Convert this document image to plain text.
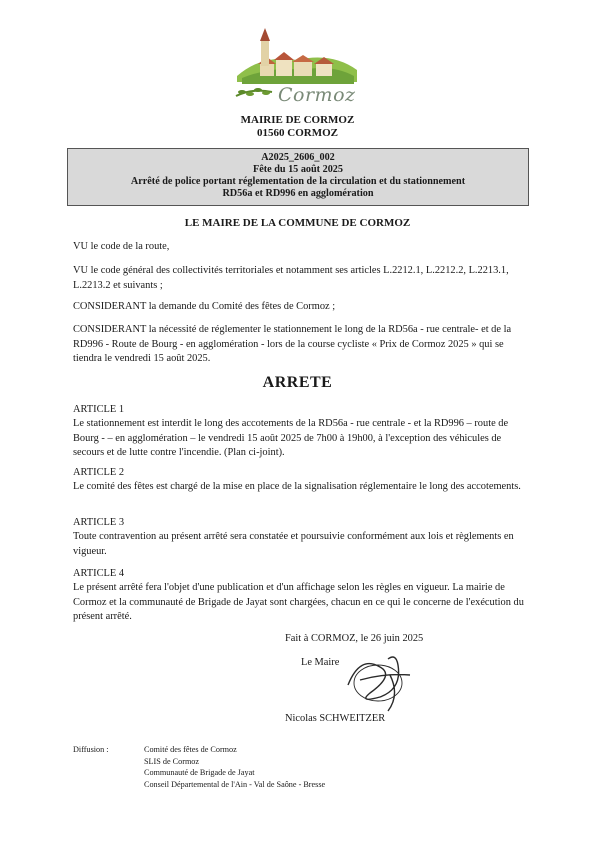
Cormoz
MAIRIE DE CORMOZ
01560 CORMOZ
A2025_2606_002
Fête du 15 août 2025
Arrêté de police portant réglementation de la circulation et du stationnement
RD56a et RD996 en agglomération
LE MAIRE DE LA COMMUNE DE CORMOZ
VU le code de la route,
VU le code général des collectivités territoriales et notamment ses articles L.2212.1, L.2212.2, L.2213.1, L.2213.2 et suivants ;
CONSIDERANT la demande du Comité des fêtes de Cormoz ;
CONSIDERANT la nécessité de réglementer le stationnement le long de la RD56a - rue centrale- et de la RD996 - Route de Bourg - en agglomération - lors de la course cycliste « Prix de Cormoz 2025 » qui se tiendra le vendredi 15 août 2025.
ARRETE
ARTICLE 1
Le stationnement est interdit le long des accotements de la RD56a - rue centrale - et la RD996 – route de Bourg - – en agglomération – le vendredi 15 août 2025 de 7h00 à 19h00, à l'exception des véhicules de secours et de lutte contre l'incendie. (Plan ci-joint).
ARTICLE 2
Le comité des fêtes est chargé de la mise en place de la signalisation réglementaire le long des accotements.
ARTICLE 3
Toute contravention au présent arrêté sera constatée et poursuivie conformément aux lois et règlements en vigueur.
ARTICLE 4
Le présent arrêté fera l'objet d'une publication et d'un affichage selon les règles en vigueur. La mairie de Cormoz et la communauté de Brigade de Jayat sont chargées, chacun en ce qui le concerne de l'exécution du présent arrêté.
Fait à CORMOZ, le 26 juin 2025
Le Maire
Nicolas SCHWEITZER
Diffusion :	Comité des fêtes de Cormoz
SLIS de Cormoz
Communauté de Brigade de Jayat
Conseil Départemental de l'Ain - Val de Saône - Bresse
